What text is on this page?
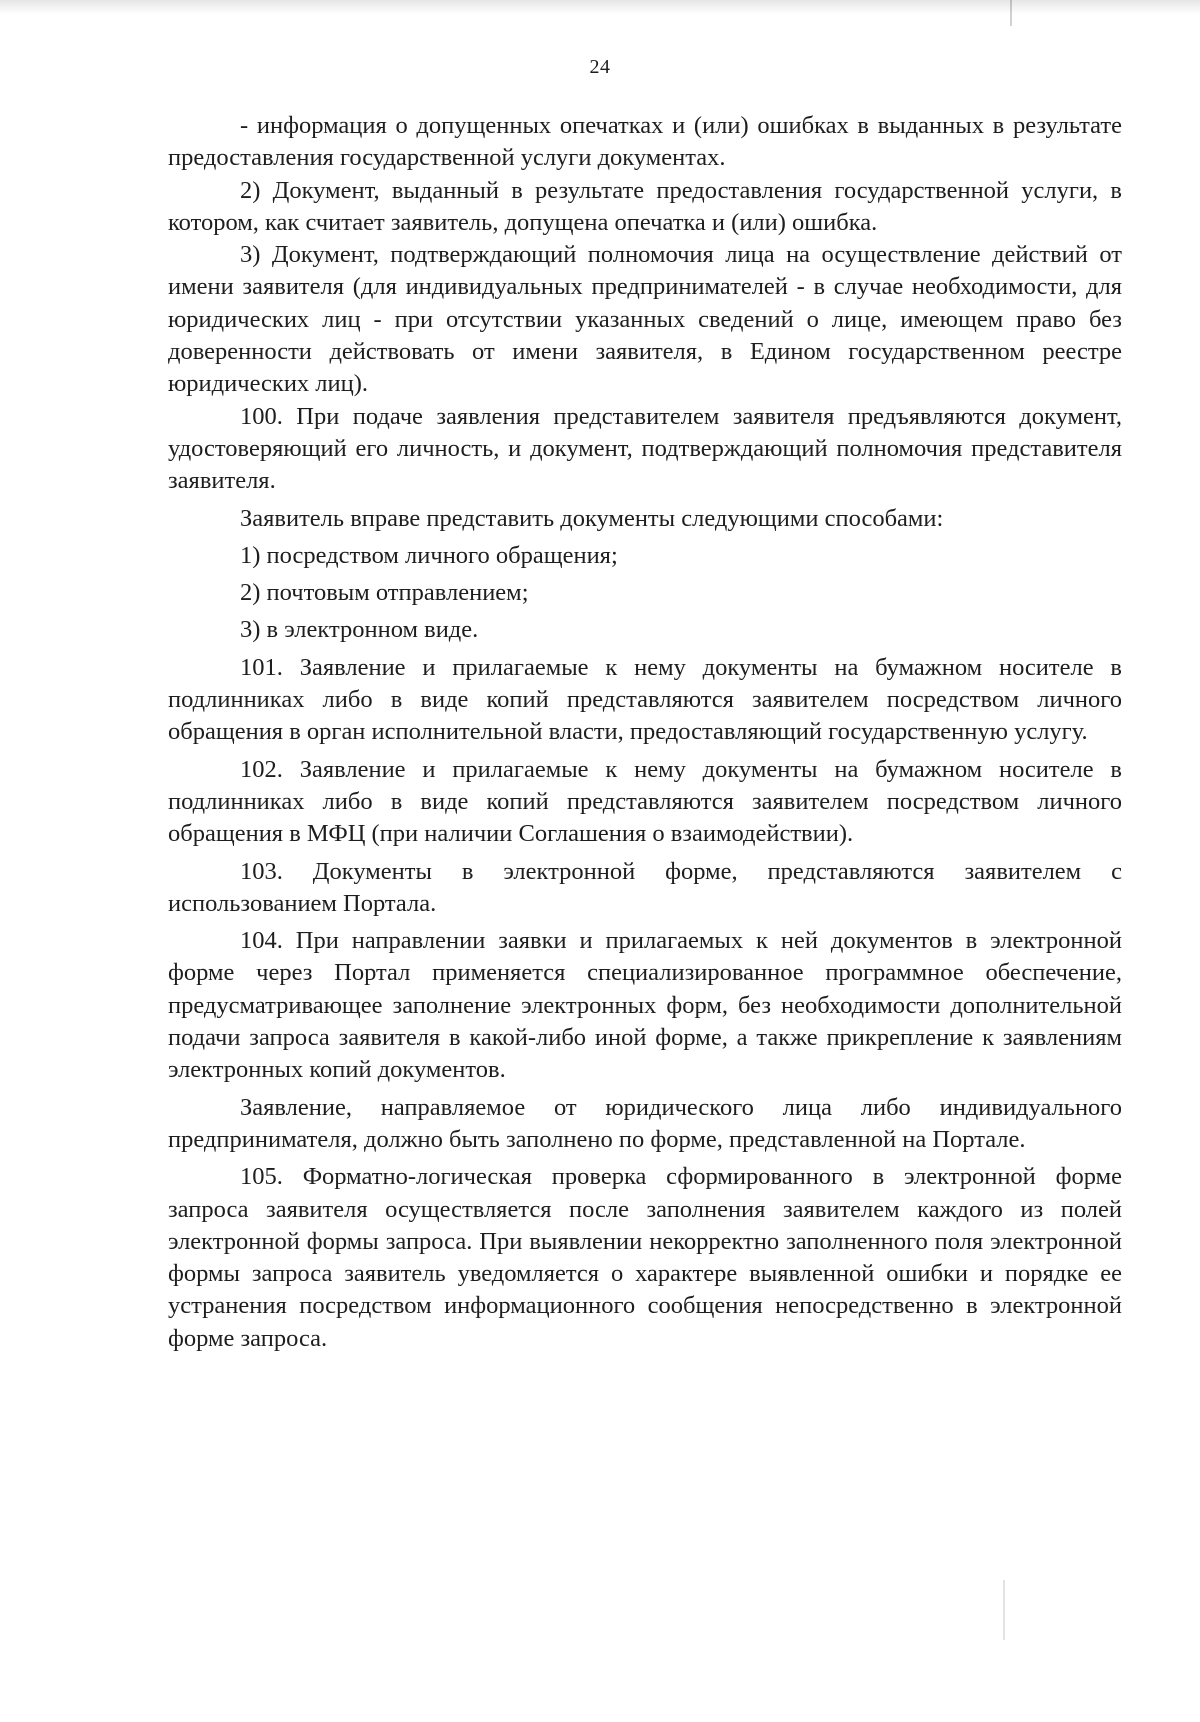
24

- информация о допущенных опечатках и (или) ошибках в выданных в результате предоставления государственной услуги документах.

2) Документ, выданный в результате предоставления государственной услуги, в котором, как считает заявитель, допущена опечатка и (или) ошибка.

3) Документ, подтверждающий полномочия лица на осуществление действий от имени заявителя (для индивидуальных предпринимателей - в случае необходимости, для юридических лиц - при отсутствии указанных сведений о лице, имеющем право без доверенности действовать от имени заявителя, в Едином государственном реестре юридических лиц).

100. При подаче заявления представителем заявителя предъявляются документ, удостоверяющий его личность, и документ, подтверждающий полномочия представителя заявителя.

Заявитель вправе представить документы следующими способами:

1) посредством личного обращения;

2) почтовым отправлением;

3) в электронном виде.

101. Заявление и прилагаемые к нему документы на бумажном носителе в подлинниках либо в виде копий представляются заявителем посредством личного обращения в орган исполнительной власти, предоставляющий государственную услугу.

102. Заявление и прилагаемые к нему документы на бумажном носителе в подлинниках либо в виде копий представляются заявителем посредством личного обращения в МФЦ (при наличии Соглашения о взаимодействии).

103. Документы в электронной форме, представляются заявителем с использованием Портала.

104. При направлении заявки и прилагаемых к ней документов в электронной форме через Портал применяется специализированное программное обеспечение, предусматривающее заполнение электронных форм, без необходимости дополнительной подачи запроса заявителя в какой-либо иной форме, а также прикрепление к заявлениям электронных копий документов.

Заявление, направляемое от юридического лица либо индивидуального предпринимателя, должно быть заполнено по форме, представленной на Портале.

105. Форматно-логическая проверка сформированного в электронной форме запроса заявителя осуществляется после заполнения заявителем каждого из полей электронной формы запроса. При выявлении некорректно заполненного поля электронной формы запроса заявитель уведомляется о характере выявленной ошибки и порядке ее устранения посредством информационного сообщения непосредственно в электронной форме запроса.
